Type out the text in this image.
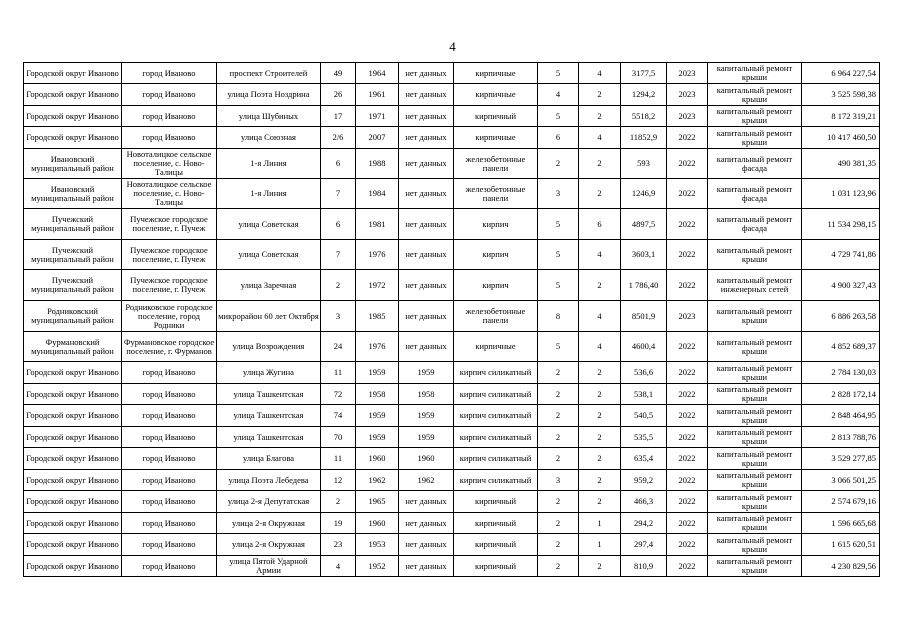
4
Городской округ Иваново	город Иваново	проспект Строителей	49	1964	нет данных	кирпичные	5	4	3177,5	2023	капитальный ремонт крыши	6 964 227,54
Городской округ Иваново	город Иваново	улица Поэта Ноздрина	26	1961	нет данных	кирпичные	4	2	1294,2	2023	капитальный ремонт крыши	3 525 598,38
Городской округ Иваново	город Иваново	улица Шубиных	17	1971	нет данных	кирпичный	5	2	5518,2	2023	капитальный ремонт крыши	8 172 319,21
Городской округ Иваново	город Иваново	улица Союзная	2/6	2007	нет данных	кирпичные	6	4	11852,9	2022	капитальный ремонт крыши	10 417 460,50
Ивановский муниципальный район	Новоталицкое сельское поселение, с. Ново-Талицы	1-я Линия	6	1988	нет данных	железобетонные панели	2	2	593	2022	капитальный ремонт фасада	490 381,35
Ивановский муниципальный район	Новоталицкое сельское поселение, с. Ново-Талицы	1-я Линия	7	1984	нет данных	железобетонные панели	3	2	1246,9	2022	капитальный ремонт фасада	1 031 123,96
Пучежский муниципальный район	Пучежское городское поселение, г. Пучеж	улица Советская	6	1981	нет данных	кирпич	5	6	4897,5	2022	капитальный ремонт фасада	11 534 298,15
Пучежский муниципальный район	Пучежское городское поселение, г. Пучеж	улица Советская	7	1976	нет данных	кирпич	5	4	3603,1	2022	капитальный ремонт крыши	4 729 741,86
Пучежский муниципальный район	Пучежское городское поселение, г. Пучеж	улица Заречная	2	1972	нет данных	кирпич	5	2	1 786,40	2022	капитальный ремонт инженерных сетей	4 900 327,43
Родниковский муниципальный район	Родниковское городское поселение, город Родники	микрорайон 60 лет Октября	3	1985	нет данных	железобетонные панели	8	4	8501,9	2023	капитальный ремонт крыши	6 886 263,58
Фурмановский муниципальный район	Фурмановское городское поселение, г. Фурманов	улица Возрождения	24	1976	нет данных	кирпичные	5	4	4600,4	2022	капитальный ремонт крыши	4 852 689,37
Городской округ Иваново	город Иваново	улица Жугина	11	1959	1959	кирпич силикатный	2	2	536,6	2022	капитальный ремонт крыши	2 784 130,03
Городской округ Иваново	город Иваново	улица Ташкентская	72	1958	1958	кирпич силикатный	2	2	538,1	2022	капитальный ремонт крыши	2 828 172,14
Городской округ Иваново	город Иваново	улица Ташкентская	74	1959	1959	кирпич силикатный	2	2	540,5	2022	капитальный ремонт крыши	2 848 464,95
Городской округ Иваново	город Иваново	улица Ташкентская	70	1959	1959	кирпич силикатный	2	2	535,5	2022	капитальный ремонт крыши	2 813 788,76
Городской округ Иваново	город Иваново	улица Благова	11	1960	1960	кирпич силикатный	2	2	635,4	2022	капитальный ремонт крыши	3 529 277,85
Городской округ Иваново	город Иваново	улица Поэта Лебедева	12	1962	1962	кирпич силикатный	3	2	959,2	2022	капитальный ремонт крыши	3 066 501,25
Городской округ Иваново	город Иваново	улица 2-я Депутатская	2	1965	нет данных	кирпичный	2	2	466,3	2022	капитальный ремонт крыши	2 574 679,16
Городской округ Иваново	город Иваново	улица 2-я Окружная	19	1960	нет данных	кирпичный	2	1	294,2	2022	капитальный ремонт крыши	1 596 665,68
Городской округ Иваново	город Иваново	улица 2-я Окружная	23	1953	нет данных	кирпичный	2	1	297,4	2022	капитальный ремонт крыши	1 615 620,51
Городской округ Иваново	город Иваново	улица Пятой Ударной Армии	4	1952	нет данных	кирпичный	2	2	810,9	2022	капитальный ремонт крыши	4 230 829,56
